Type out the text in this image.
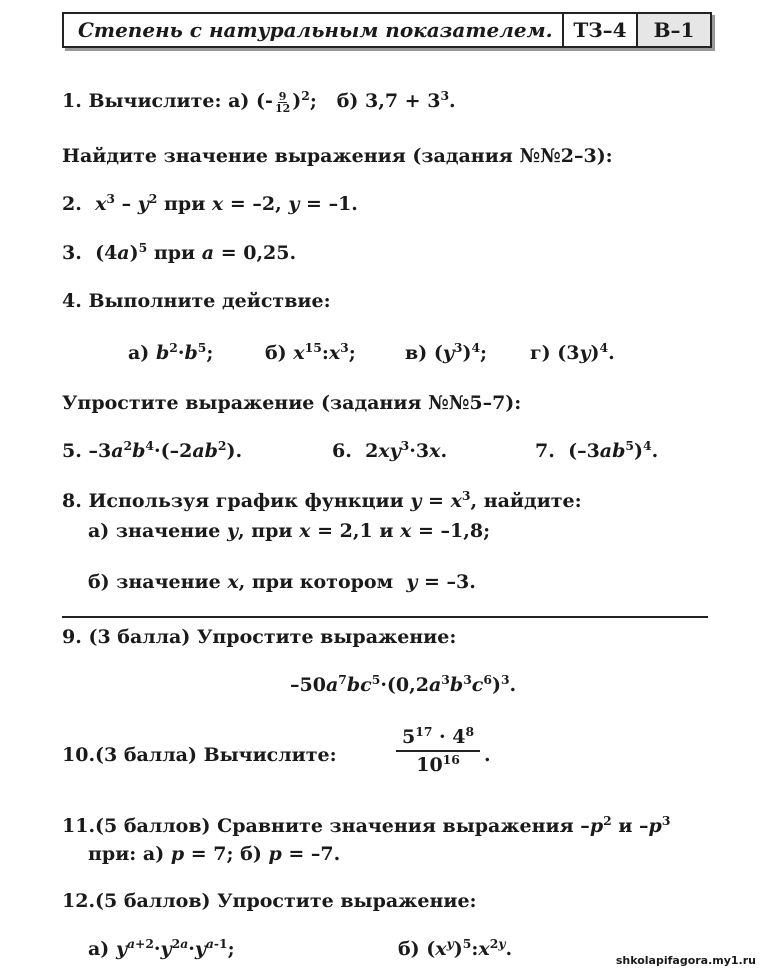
Степень с натуральным показателем.	ТЗ–4	В–1
1. Вычислите: а) (- $\frac{9}{12} )^2$;   б) $3,7 + 3^3$.
Найдите значение выражения (задания №№2–3):
2. $x^3 - y^2$ при x = –2, y = –1.
3.  $(4a)^5$ при a = 0,25.
4. Выполните действие:
а) $b^2\cdot b^5$;	б) $x^{15}:x^3$;	в) $(y^3)^4$; г) $(3y)^4$.
Упростите выражение (задания №№5–7):
5. $-3a^2b^4\cdot(-2ab^2)$.	6.  $2xy^3\cdot 3x$.	7.  $(-3ab^5)^4$.
8. Используя график функции $y = x^3$, найдите:
а) значение y, при x = 2,1 и x = –1,8;
б) значение x, при котором y = –3.
9. (3 балла) Упростите выражение:
$-50a^7bc^5\cdot(0,2a^3b^3c^6)^3$.
10.(3 балла) Вычислите:	$\frac{5^{17} \cdot 4^8}{10^{16}}$ .
11.(5 баллов) Сравните значения выражения $-p^2$ и $-p^3$
при: а) p = 7; б) p = –7.
12.(5 баллов) Упростите выражение:
а) $y^{a+2}\cdot y^{2a}\cdot y^{a-1}$;	б) $(x^y)^5:x^{2y}$.
shkolapifagora.my1.ru
